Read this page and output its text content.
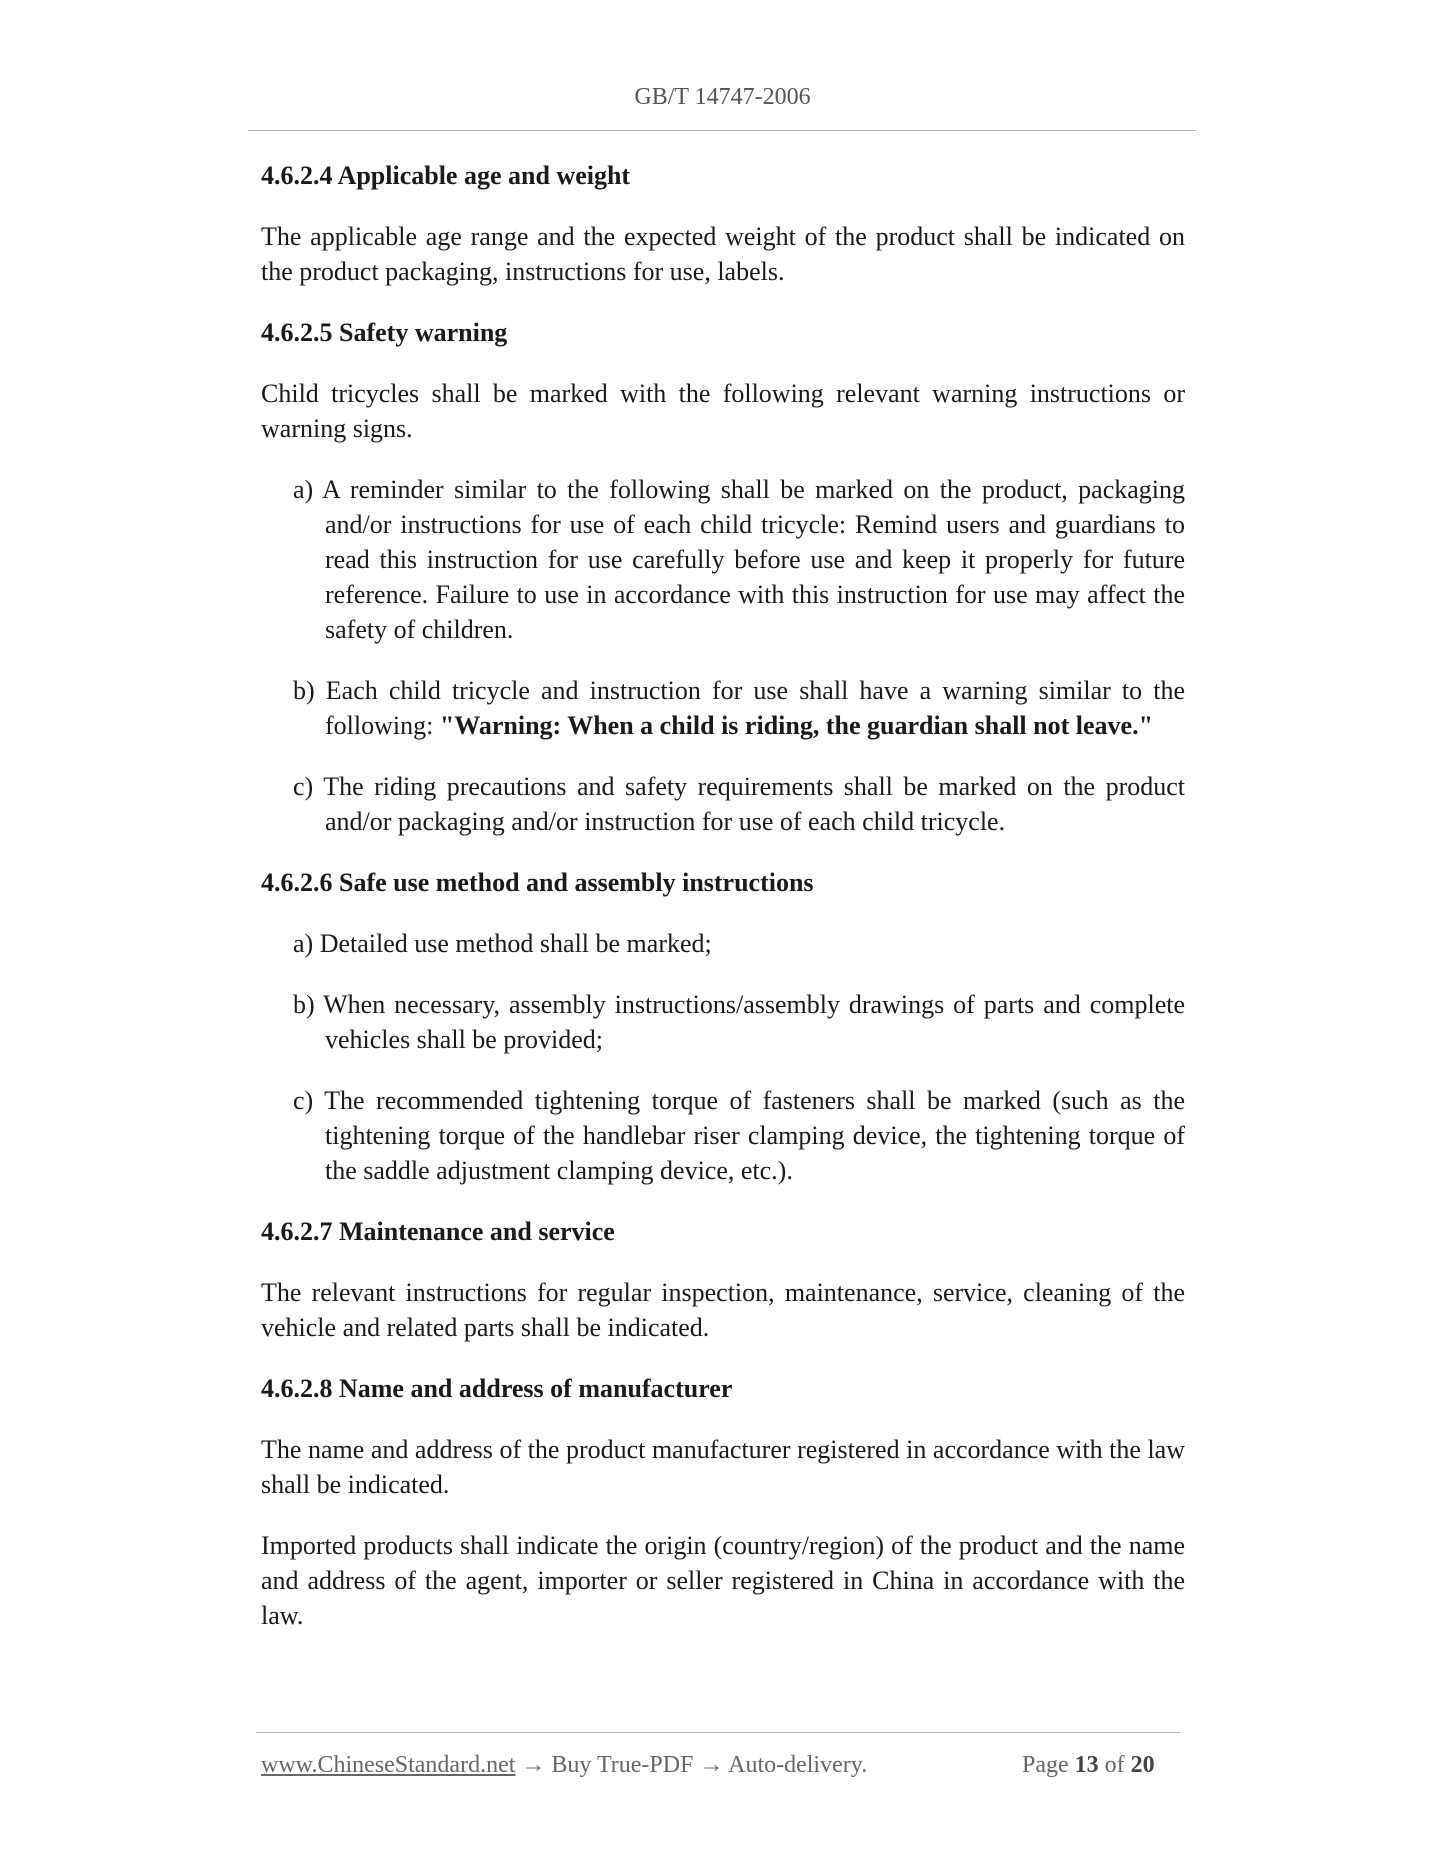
GB/T 14747-2006
4.6.2.4 Applicable age and weight
The applicable age range and the expected weight of the product shall be indicated on the product packaging, instructions for use, labels.
4.6.2.5 Safety warning
Child tricycles shall be marked with the following relevant warning instructions or warning signs.
a) A reminder similar to the following shall be marked on the product, packaging and/or instructions for use of each child tricycle: Remind users and guardians to read this instruction for use carefully before use and keep it properly for future reference. Failure to use in accordance with this instruction for use may affect the safety of children.
b) Each child tricycle and instruction for use shall have a warning similar to the following: "Warning: When a child is riding, the guardian shall not leave."
c) The riding precautions and safety requirements shall be marked on the product and/or packaging and/or instruction for use of each child tricycle.
4.6.2.6 Safe use method and assembly instructions
a) Detailed use method shall be marked;
b) When necessary, assembly instructions/assembly drawings of parts and complete vehicles shall be provided;
c) The recommended tightening torque of fasteners shall be marked (such as the tightening torque of the handlebar riser clamping device, the tightening torque of the saddle adjustment clamping device, etc.).
4.6.2.7 Maintenance and service
The relevant instructions for regular inspection, maintenance, service, cleaning of the vehicle and related parts shall be indicated.
4.6.2.8 Name and address of manufacturer
The name and address of the product manufacturer registered in accordance with the law shall be indicated.
Imported products shall indicate the origin (country/region) of the product and the name and address of the agent, importer or seller registered in China in accordance with the law.
www.ChineseStandard.net → Buy True-PDF → Auto-delivery.	Page 13 of 20
